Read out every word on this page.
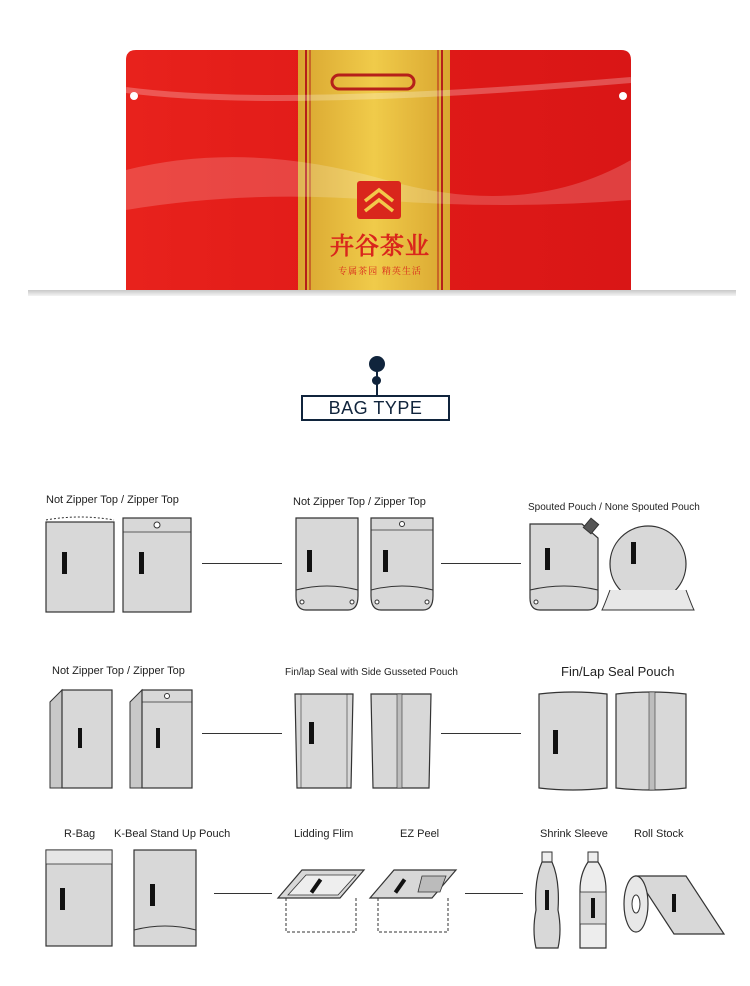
卉谷茶业
专属茶园 精英生活
BAG TYPE
Not Zipper Top / Zipper Top	Not Zipper Top / Zipper Top	Spouted Pouch / None Spouted Pouch
Not Zipper Top / Zipper Top	Fin/lap Seal with Side Gusseted Pouch	Fin/Lap Seal Pouch
R-Bag K-Beal Stand Up Pouch	Lidding Flim	EZ Peel	Shrink Sleeve Roll Stock
